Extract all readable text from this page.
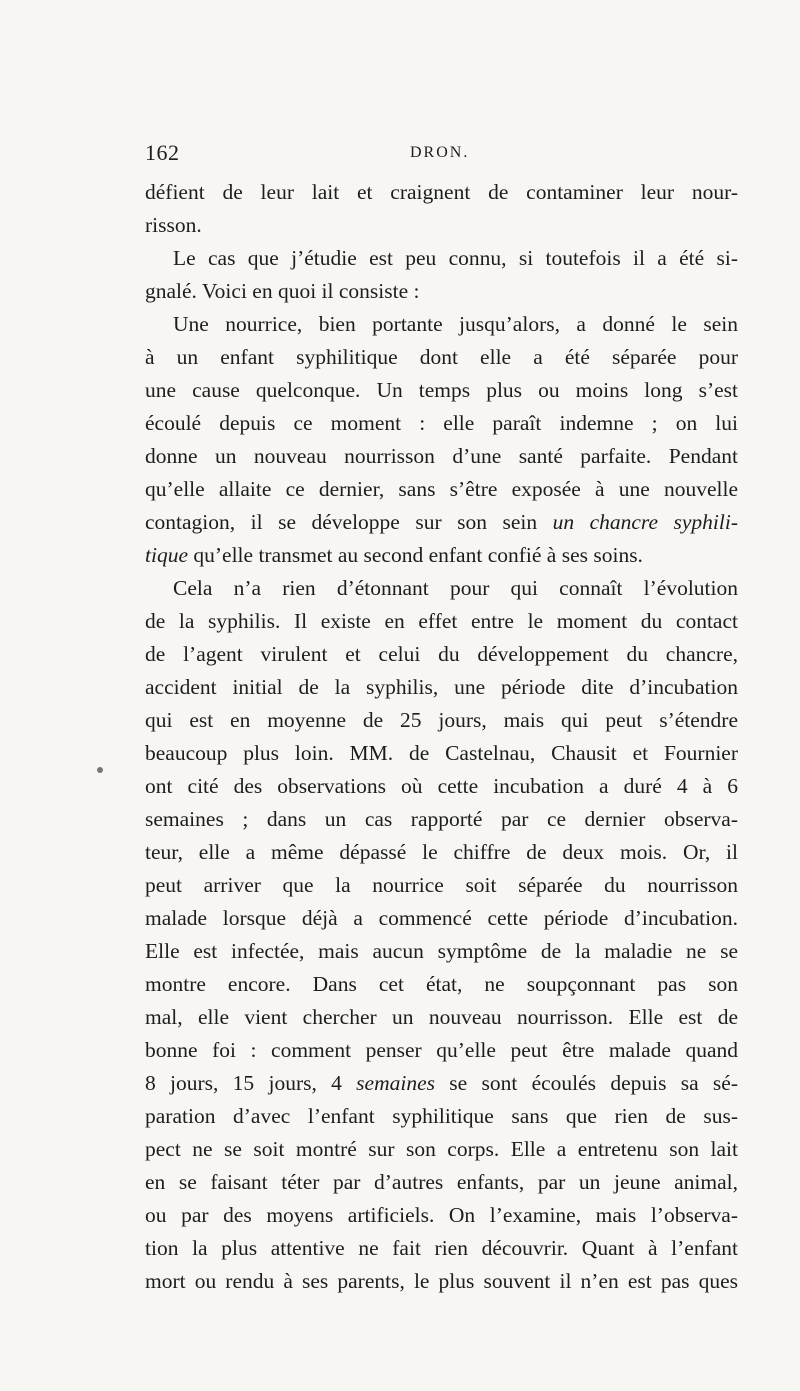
162	DRON.
défient de leur lait et craignent de contaminer leur nour-
risson.
Le cas que j’étudie est peu connu, si toutefois il a été si-
gnalé. Voici en quoi il consiste :
Une nourrice, bien portante jusqu’alors, a donné le sein
à un enfant syphilitique dont elle a été séparée pour
une cause quelconque. Un temps plus ou moins long s’est
écoulé depuis ce moment : elle paraît indemne ; on lui
donne un nouveau nourrisson d’une santé parfaite. Pendant
qu’elle allaite ce dernier, sans s’être exposée à une nouvelle
contagion, il se développe sur son sein un chancre syphili-
tique qu’elle transmet au second enfant confié à ses soins.
Cela n’a rien d’étonnant pour qui connaît l’évolution
de la syphilis. Il existe en effet entre le moment du contact
de l’agent virulent et celui du développement du chancre,
accident initial de la syphilis, une période dite d’incubation
qui est en moyenne de 25 jours, mais qui peut s’étendre
beaucoup plus loin. MM. de Castelnau, Chausit et Fournier
ont cité des observations où cette incubation a duré 4 à 6
semaines ; dans un cas rapporté par ce dernier observa-
teur, elle a même dépassé le chiffre de deux mois. Or, il
peut arriver que la nourrice soit séparée du nourrisson
malade lorsque déjà a commencé cette période d’incubation.
Elle est infectée, mais aucun symptôme de la maladie ne se
montre encore. Dans cet état, ne soupçonnant pas son
mal, elle vient chercher un nouveau nourrisson. Elle est de
bonne foi : comment penser qu’elle peut être malade quand
8 jours, 15 jours, 4 semaines se sont écoulés depuis sa sé-
paration d’avec l’enfant syphilitique sans que rien de sus-
pect ne se soit montré sur son corps. Elle a entretenu son lait
en se faisant téter par d’autres enfants, par un jeune animal,
ou par des moyens artificiels. On l’examine, mais l’observa-
tion la plus attentive ne fait rien découvrir. Quant à l’enfant
mort ou rendu à ses parents, le plus souvent il n’en est pas ques
